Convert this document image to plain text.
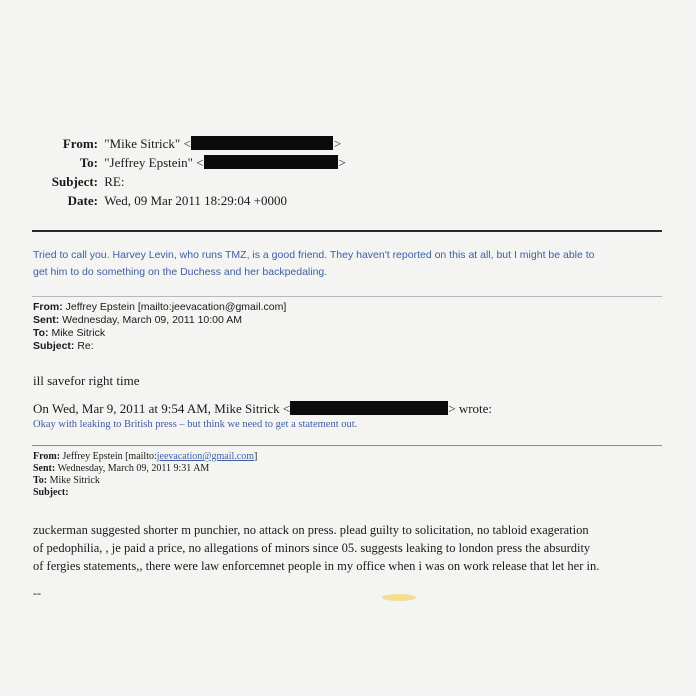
From: "Mike Sitrick" <	>
To: "Jeffrey Epstein" <	>
Subject: RE:
Date: Wed, 09 Mar 2011 18:29:04 +0000
Tried to call you. Harvey Levin, who runs TMZ, is a good friend. They haven't reported on this at all, but I might be able to
get him to do something on the Duchess and her backpedaling.
From: Jeffrey Epstein [mailto:jeevacation@gmail.com]
Sent: Wednesday, March 09, 2011 10:00 AM
To: Mike Sitrick
Subject: Re:
ill savefor right time
On Wed, Mar 9, 2011 at 9:54 AM, Mike Sitrick <	> wrote:
Okay with leaking to British press – but think we need to get a statement out.
From: Jeffrey Epstein [mailto:jeevacation@gmail.com]
Sent: Wednesday, March 09, 2011 9:31 AM
To: Mike Sitrick
Subject:
zuckerman suggested shorter m punchier, no attack on press. plead guilty to solicitation, no tabloid exageration
of pedophilia, , je paid a price, no allegations of minors since 05. suggests leaking to london press the absurdity
of fergies statements,, there were law enforcemnet people in my office when i was on work release that let her in.
--
